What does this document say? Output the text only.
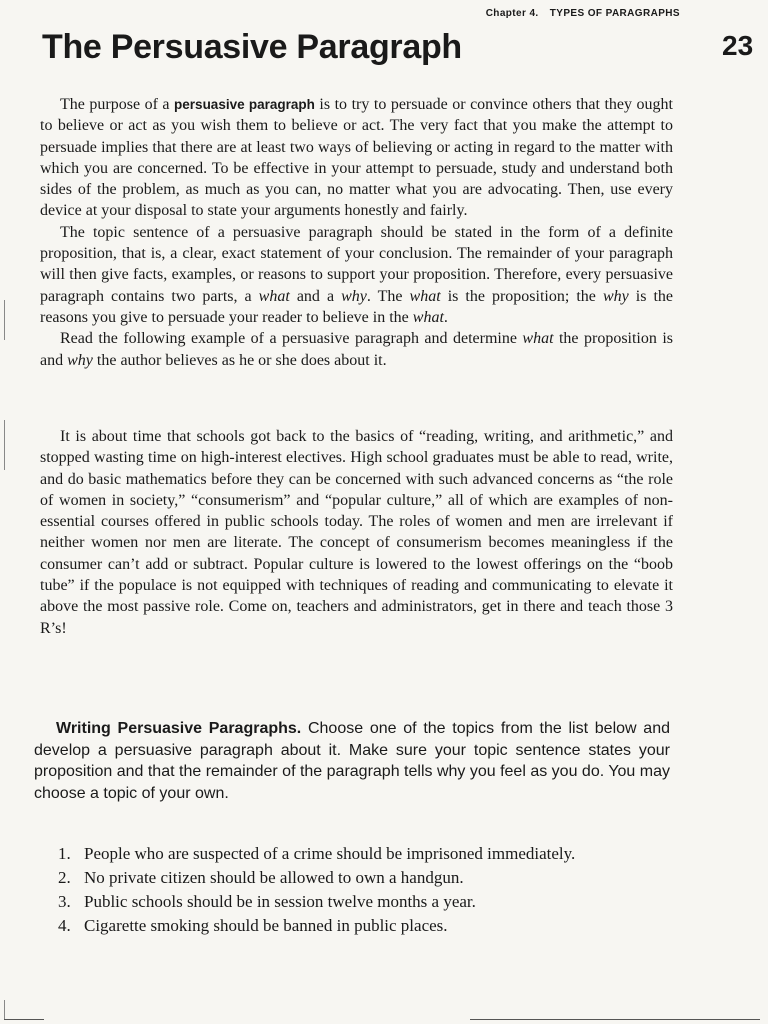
Chapter 4. TYPES OF PARAGRAPHS
23
The Persuasive Paragraph

The purpose of a persuasive paragraph is to try to persuade or convince others that they ought to believe or act as you wish them to believe or act. The very fact that you make the attempt to persuade implies that there are at least two ways of believing or acting in regard to the matter with which you are concerned. To be effective in your attempt to persuade, study and understand both sides of the problem, as much as you can, no matter what you are advocating. Then, use every device at your disposal to state your arguments honestly and fairly.

The topic sentence of a persuasive paragraph should be stated in the form of a definite proposition, that is, a clear, exact statement of your conclusion. The remainder of your paragraph will then give facts, examples, or reasons to support your proposition. Therefore, every persuasive paragraph contains two parts, a what and a why. The what is the proposition; the why is the reasons you give to persuade your reader to believe in the what.

Read the following example of a persuasive paragraph and determine what the proposition is and why the author believes as he or she does about it.

It is about time that schools got back to the basics of “reading, writing, and arithmetic,” and stopped wasting time on high-interest electives. High school graduates must be able to read, write, and do basic mathematics before they can be concerned with such advanced concerns as “the role of women in society,” “consumerism” and “popular culture,” all of which are examples of non-essential courses offered in public schools today. The roles of women and men are irrelevant if neither women nor men are literate. The concept of consumerism becomes meaningless if the consumer can’t add or subtract. Popular culture is lowered to the lowest offerings on the “boob tube” if the populace is not equipped with techniques of reading and communicating to elevate it above the most passive role. Come on, teachers and administrators, get in there and teach those 3 R’s!

Writing Persuasive Paragraphs. Choose one of the topics from the list below and develop a persuasive paragraph about it. Make sure your topic sentence states your proposition and that the remainder of the paragraph tells why you feel as you do. You may choose a topic of your own.

1. People who are suspected of a crime should be imprisoned immediately.
2. No private citizen should be allowed to own a handgun.
3. Public schools should be in session twelve months a year.
4. Cigarette smoking should be banned in public places.
